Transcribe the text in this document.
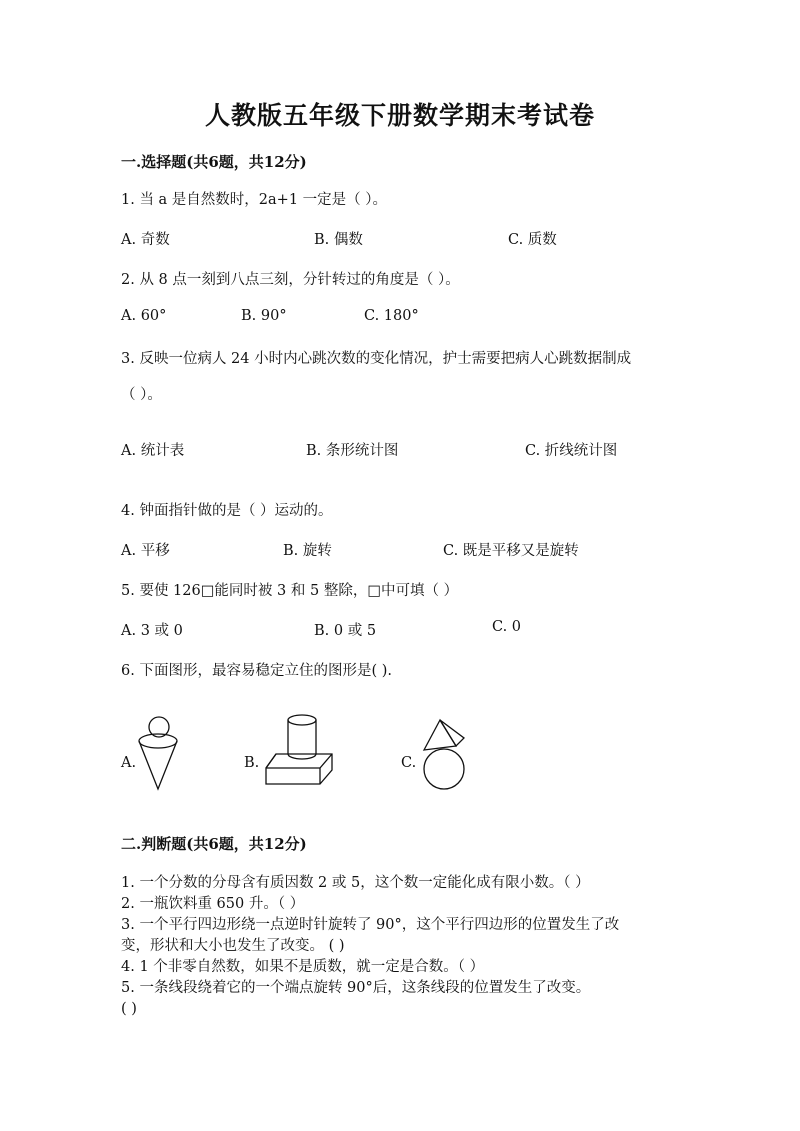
人教版五年级下册数学期末考试卷
一.选择题(共6题，共12分)
1. 当 a 是自然数时，2a+1 一定是（ ）。
A. 奇数	B. 偶数	C. 质数
2. 从 8 点一刻到八点三刻，分针转过的角度是（ ）。
A. 60°	B. 90°	C. 180°
3. 反映一位病人 24 小时内心跳次数的变化情况，护士需要把病人心跳数据制成
（ ）。
A. 统计表	B. 条形统计图	C. 折线统计图
4. 钟面指针做的是（ ）运动的。
A. 平移	B. 旋转	C. 既是平移又是旋转
5. 要使 126□能同时被 3 和 5 整除，□中可填（ ）
A. 3 或 0	B. 0 或 5	C. 0
6. 下面图形，最容易稳定立住的图形是( ).
A.	B.	C.
二.判断题(共6题，共12分)
1. 一个分数的分母含有质因数 2 或 5，这个数一定能化成有限小数。（ ）
2. 一瓶饮料重 650 升。（ ）
3. 一个平行四边形绕一点逆时针旋转了 90°，这个平行四边形的位置发生了改
变，形状和大小也发生了改变。 ( )
4. 1 个非零自然数，如果不是质数，就一定是合数。（ ）
5. 一条线段绕着它的一个端点旋转 90°后，这条线段的位置发生了改变。
( )
